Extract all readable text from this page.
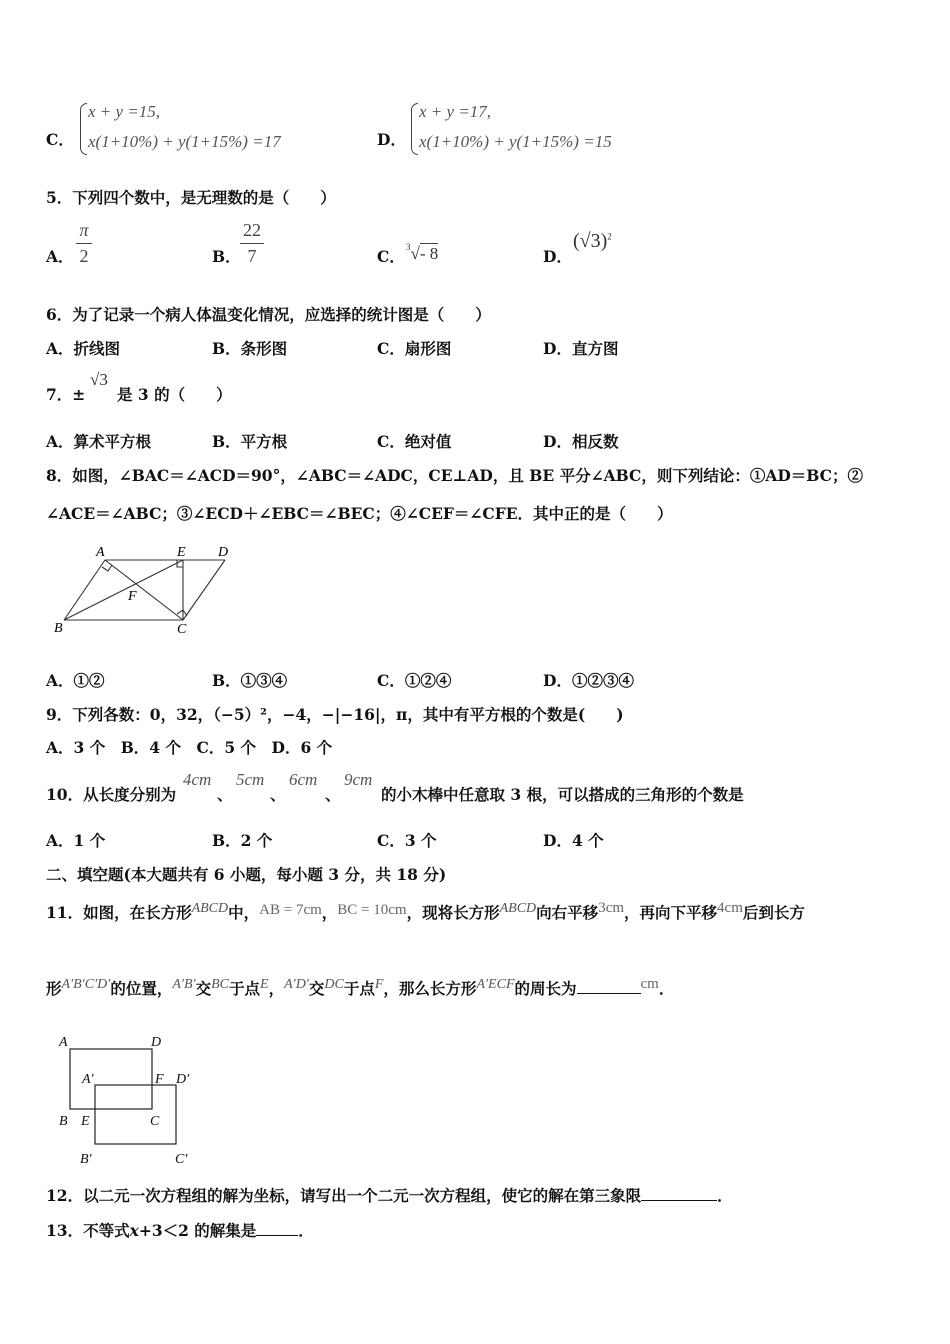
C．
x + y =15,
x(1+10%) + y(1+15%) =17	D．
x + y =17,
x(1+10%) + y(1+15%) =15
5．下列四个数中，是无理数的是（　　）
A．
π
2	B．
22
7	C． $^3$√- 8	D．
$(√3)^2$
6．为了记录一个病人体温变化情况，应选择的统计图是（　　）
A．折线图	B．条形图	C．扇形图	D．直方图
7．±
√3
是 3 的（　　）
A．算术平方根	B．平方根	C．绝对值	D．相反数
8．如图，∠BAC＝∠ACD＝90°，∠ABC＝∠ADC，CE⊥AD，且 BE 平分∠ABC，则下列结论：①AD＝BC；②
∠ACE＝∠ABC；③∠ECD＋∠EBC＝∠BEC；④∠CEF＝∠CFE．其中正的是（　　）
A	E D
F
B	C
A．①②	B．①③④	C．①②④	D．①②③④
9．下列各数：0，32，（−5）²，−4，−|−16|，π，其中有平方根的个数是(　　)
A．3 个　B．4 个　C．5 个　D．6 个
10．从长度分别为
4cm
、
5cm
、
6cm
、
9cm
的小木棒中任意取 3 根，可以搭成的三角形的个数是
A．1 个	B．2 个	C．3 个	D．4 个
二、填空题(本大题共有 6 小题，每小题 3 分，共 18 分)
11．如图，在长方形ABCD中，AB = 7cm，BC = 10cm，现将长方形ABCD向右平移3cm，再向下平移4cm后到长方
形A′B′C′D′的位置，A′B′交BC于点E，A′D′交DC于点F，那么长方形A′ECF的周长为	cm．
A	D
A'	F D'
B E	C
B'	C'
12．以二元一次方程组的解为坐标，请写出一个二元一次方程组，使它的解在第三象限	．
13．不等式x+3＜2 的解集是	．
